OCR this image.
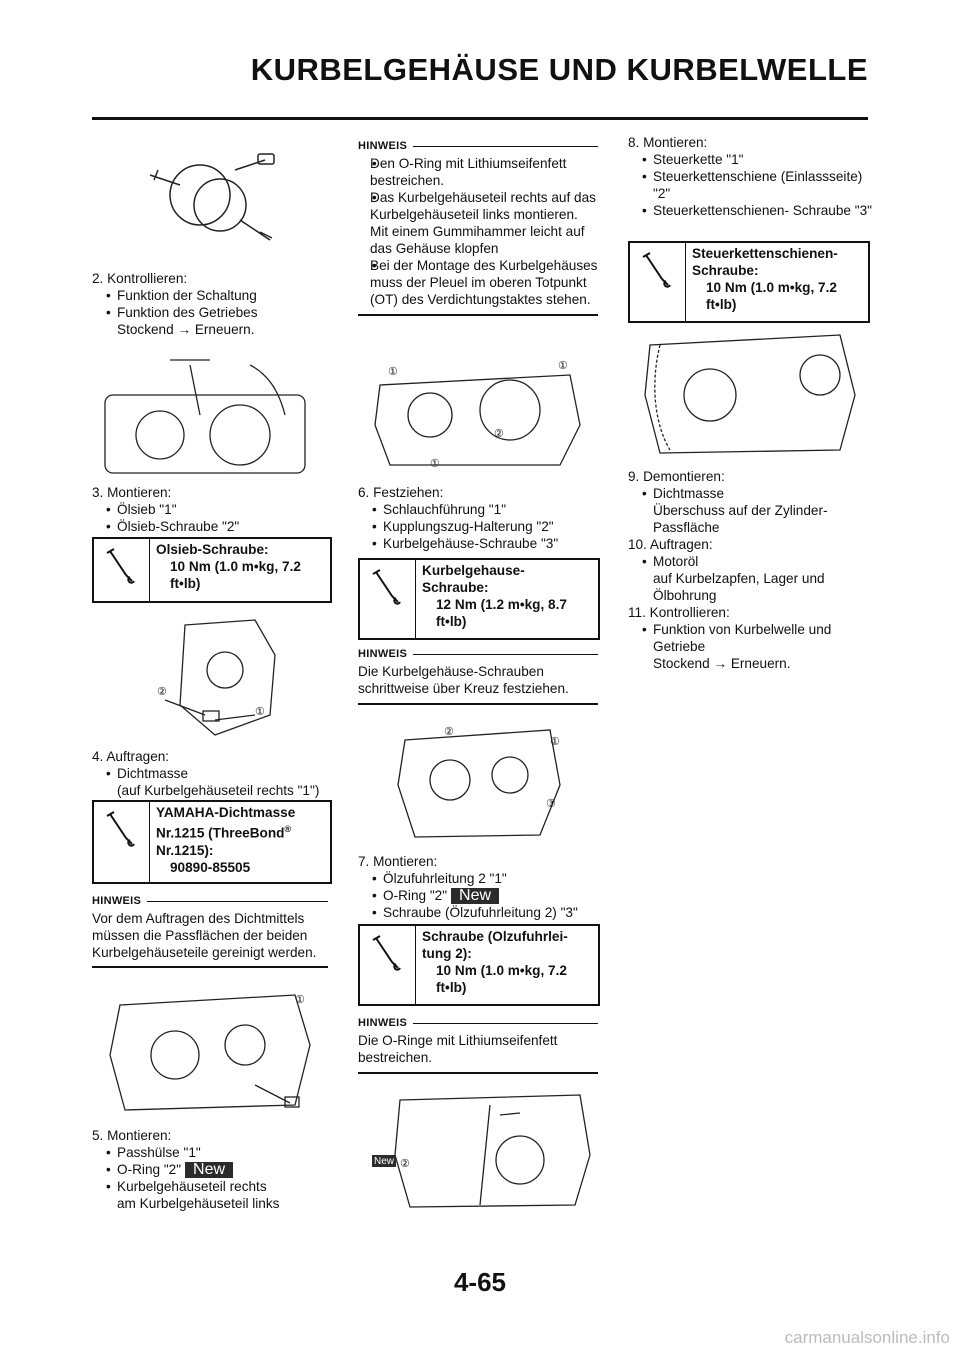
KURBELGEHÄUSE UND KURBELWELLE

2. Kontrollieren:

• Funktion der Schaltung

• Funktion des Getriebes

Stockend → Erneuern.

3. Montieren:

• Ölsieb "1"

• Ölsieb-Schraube "2"

Olsieb-Schraube:
10 Nm (1.0 m•kg, 7.2
ft•lb)
②
①

4. Auftragen:

• Dichtmasse

(auf Kurbelgehäuseteil rechts "1")

YAMAHA-Dichtmasse
Nr.1215 (ThreeBond®
Nr.1215):
90890-85505
HINWEIS

Vor dem Auftragen des Dichtmittels müssen die Passflächen der beiden Kurbelgehäuseteile gereinigt werden.

①

5. Montieren:

• Passhülse "1"

• O-Ring "2" New

• Kurbelgehäuseteil rechts

am Kurbelgehäuseteil links

HINWEIS

• Den O-Ring mit Lithiumseifenfett bestreichen.

• Das Kurbelgehäuseteil rechts auf das Kurbelgehäuseteil links montieren. Mit einem Gummihammer leicht auf das Gehäuse klopfen

• Bei der Montage des Kurbelgehäuses muss der Pleuel im oberen Totpunkt (OT) des Verdichtungstaktes stehen.

①	①
①
②

6. Festziehen:

• Schlauchführung "1"

• Kupplungszug-Halterung "2"

• Kurbelgehäuse-Schraube "3"

Kurbelgehause-
Schraube:
12 Nm (1.2 m•kg, 8.7
ft•lb)
HINWEIS

Die Kurbelgehäuse-Schrauben schrittweise über Kreuz festziehen.

②
①
③

7. Montieren:

• Ölzufuhrleitung 2 "1"

• O-Ring "2" New

• Schraube (Ölzufuhrleitung 2) "3"

Schraube (Olzufuhrlei-
tung 2):
10 Nm (1.0 m•kg, 7.2
ft•lb)
HINWEIS

Die O-Ringe mit Lithiumseifenfett bestreichen.

②
New

8. Montieren:

• Steuerkette "1"

• Steuerkettenschiene (Einlassseite) "2"

• Steuerkettenschienen- Schraube "3"

Steuerkettenschienen-
Schraube:
10 Nm (1.0 m•kg, 7.2
ft•lb)

9. Demontieren:

• Dichtmasse

Überschuss auf der Zylinder-Passfläche

10. Auftragen:

• Motoröl

auf Kurbelzapfen, Lager und Ölbohrung

11. Kontrollieren:

• Funktion von Kurbelwelle und Getriebe

Stockend → Erneuern.

4-65
carmanualsonline.info
